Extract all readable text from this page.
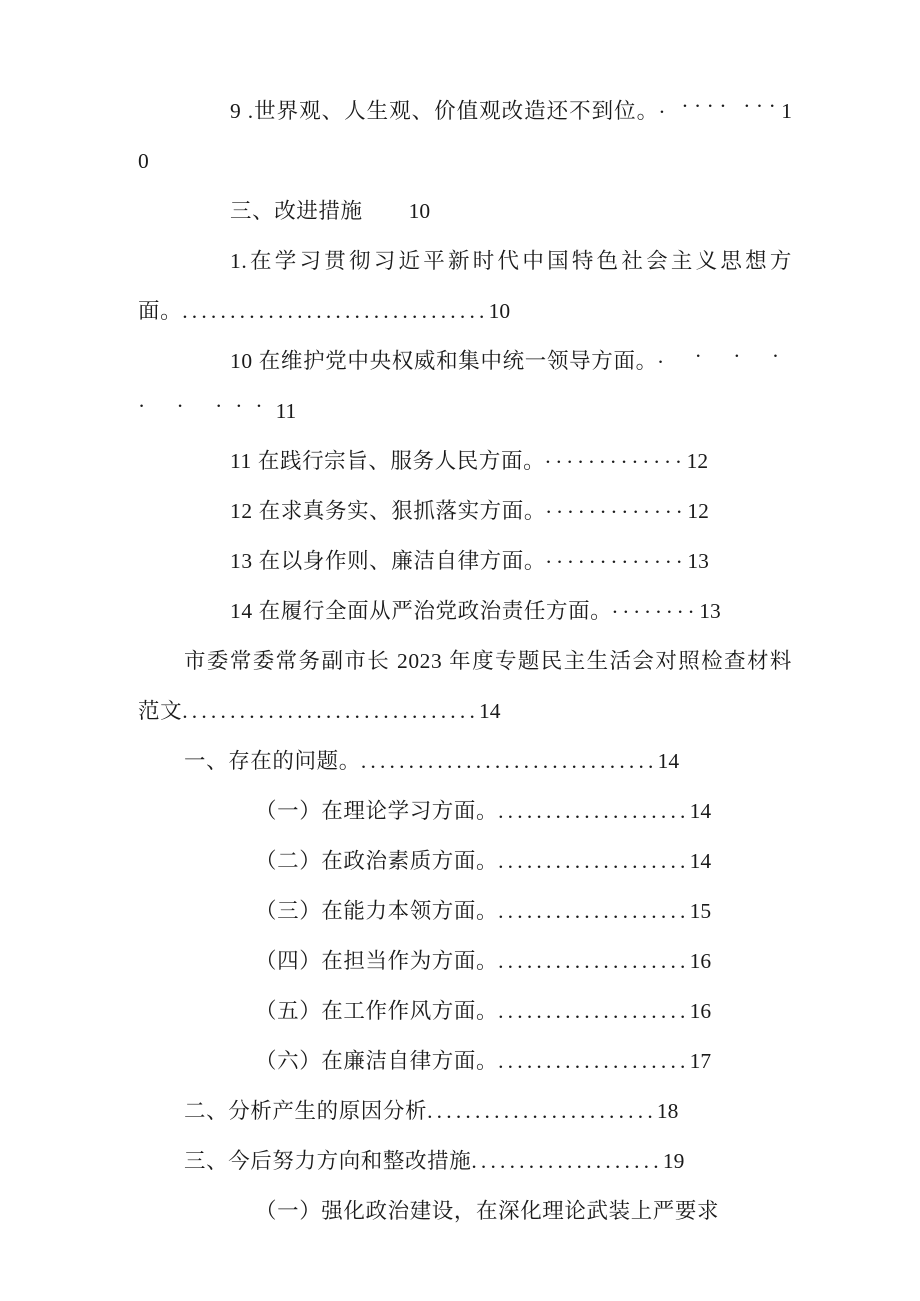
9 .世界观、人生观、价值观改造还不到位。. ···· ···10
三、改进措施 10
1.在学习贯彻习近平新时代中国特色社会主义思想方面。................................10
10 在维护党中央权威和集中统一领导方面。. · · · · · ···11
11 在践行宗旨、服务人民方面。.............12
12 在求真务实、狠抓落实方面。.............12
13 在以身作则、廉洁自律方面。.............13
14 在履行全面从严治党政治责任方面。........13
市委常委常务副市长 2023 年度专题民主生活会对照检查材料范文...............................14
一、存在的问题。...............................14
（一）在理论学习方面。....................14
（二）在政治素质方面。....................14
（三）在能力本领方面。....................15
（四）在担当作为方面。....................16
（五）在工作作风方面。....................16
（六）在廉洁自律方面。....................17
二、分析产生的原因分析........................18
三、今后努力方向和整改措施....................19
（一）强化政治建设，在深化理论武装上严要求
